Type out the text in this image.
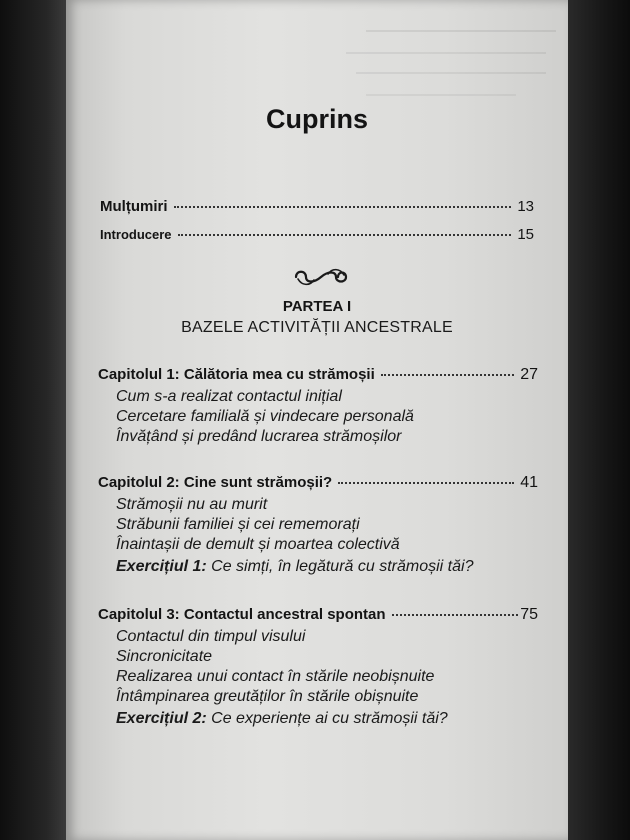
Cuprins
Mulțumiri	13
Introducere	15
PARTEA I
BAZELE ACTIVITĂȚII ANCESTRALE
Capitolul 1: Călătoria mea cu strămoșii	27
Cum s-a realizat contactul inițial
Cercetare familială și vindecare personală
Învățând și predând lucrarea strămoșilor
Capitolul 2: Cine sunt strămoșii?	41
Strămoșii nu au murit
Străbunii familiei și cei rememorați
Înaintașii de demult și moartea colectivă
Exercițiul 1: Ce simți, în legătură cu strămoșii tăi?
Capitolul 3: Contactul ancestral spontan	75
Contactul din timpul visului
Sincronicitate
Realizarea unui contact în stările neobișnuite
Întâmpinarea greutăților în stările obișnuite
Exercițiul 2: Ce experiențe ai cu strămoșii tăi?
